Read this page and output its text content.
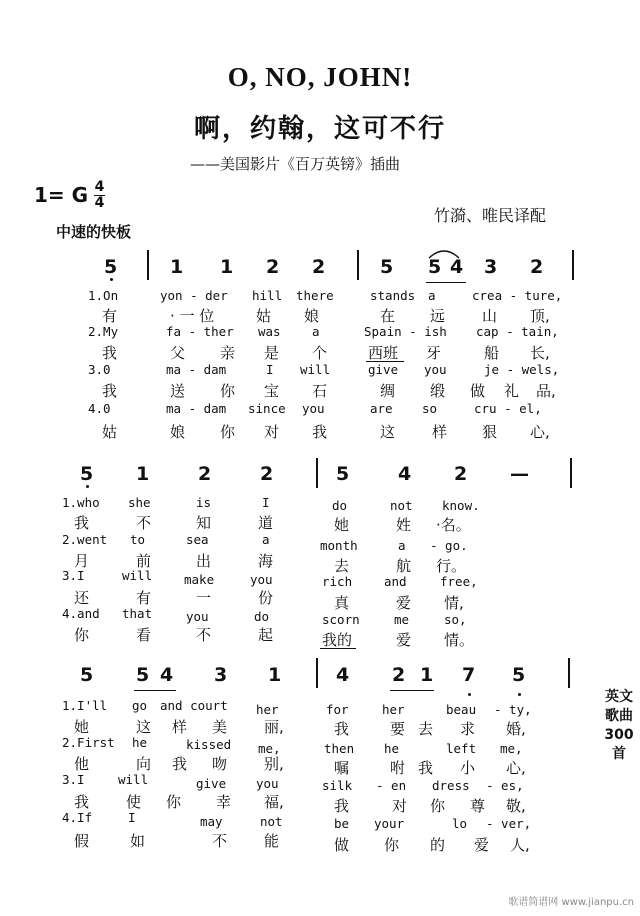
O, NO, JOHN!
啊，约翰，这可不行
——美国影片《百万英镑》插曲
1= G 4
4
竹漪、唯民译配
中速的快板
5	1 1 2 2	5 5 4 3 2
1.On	yon - der hill there	stands a	crea - ture,
有	· 一 位	姑 娘	在 远 山 顶,
2.My	fa - ther was	a	Spain - ish cap - tain,
我	父 亲 是 个	西班 牙	船 长,
3.0	ma - dam	I will	give you	je - wels,
我	送 你 宝 石	绸 缎 做 礼 品,
4.0	ma - dam since you	are so	cru - el,
姑	娘 你 对 我	这 样 狠 心,
5 1	2	2	5	4 2 —
1.who she	is	I	do	not know.
我	不	知	道	她	姓 ·名。
2.went to	sea	a	month	a - go.
月	前	出	海	去	航 行。
3.I	will	make	you	rich	and	free,
还	有	一	份	真	爱 情,
4.and that	you	do	scorn	me	so,
你	看	不	起	我的	爱 情。
5 5 4 3 1	4 2 1 7 5
1.I'll go and court her	for	her	beau - ty,
她	这 样 美 丽,	我	要 去 求 婚,
2.First he	kissed me,	then he	left me,
他	向 我 吻 别,	嘱	咐 我 小 心,
3.I	will	give you	silk - en dress - es,
我 使 你 幸 福,	我	对 你 尊 敬,
4.If	I	may	not	be your	lo - ver,
假	如	不 能	做 你 的 爱 人,
英文歌曲300首
歌谱简谱网 www.jianpu.cn
